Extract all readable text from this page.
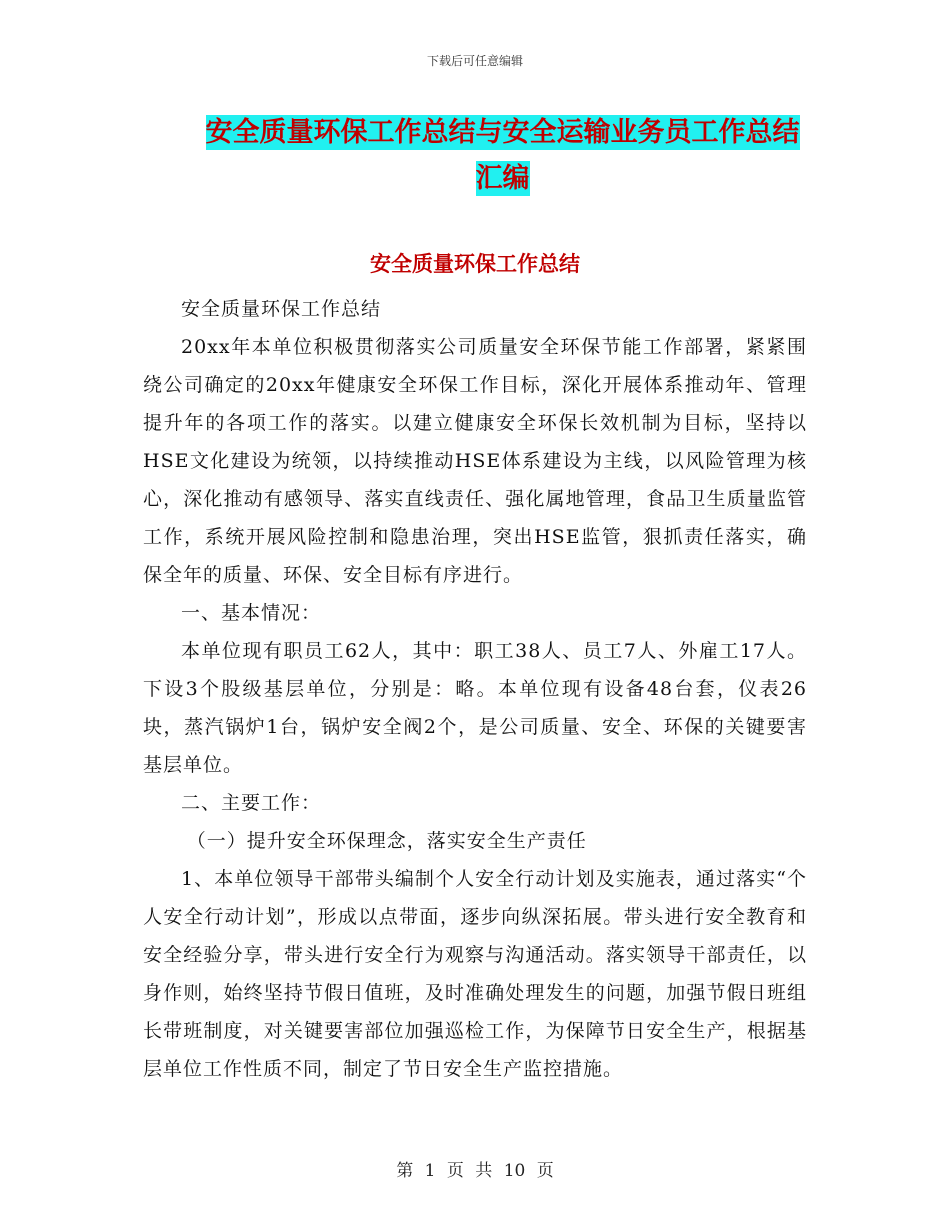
下载后可任意编辑
安全质量环保工作总结与安全运输业务员工作总结汇编
安全质量环保工作总结

安全质量环保工作总结

20xx年本单位积极贯彻落实公司质量安全环保节能工作部署，紧紧围绕公司确定的20xx年健康安全环保工作目标，深化开展体系推动年、管理提升年的各项工作的落实。以建立健康安全环保长效机制为目标，坚持以HSE文化建设为统领，以持续推动HSE体系建设为主线，以风险管理为核心，深化推动有感领导、落实直线责任、强化属地管理，食品卫生质量监管工作，系统开展风险控制和隐患治理，突出HSE监管，狠抓责任落实，确保全年的质量、环保、安全目标有序进行。

一、基本情况：

本单位现有职员工62人，其中：职工38人、员工7人、外雇工17人。下设3个股级基层单位，分别是：略。本单位现有设备48台套，仪表26块，蒸汽锅炉1台，锅炉安全阀2个，是公司质量、安全、环保的关键要害基层单位。

二、主要工作：

（一）提升安全环保理念，落实安全生产责任

1、本单位领导干部带头编制个人安全行动计划及实施表，通过落实“个人安全行动计划”，形成以点带面，逐步向纵深拓展。带头进行安全教育和安全经验分享，带头进行安全行为观察与沟通活动。落实领导干部责任，以身作则，始终坚持节假日值班，及时准确处理发生的问题，加强节假日班组长带班制度，对关键要害部位加强巡检工作，为保障节日安全生产，根据基层单位工作性质不同，制定了节日安全生产监控措施。

第 1 页 共 10 页
